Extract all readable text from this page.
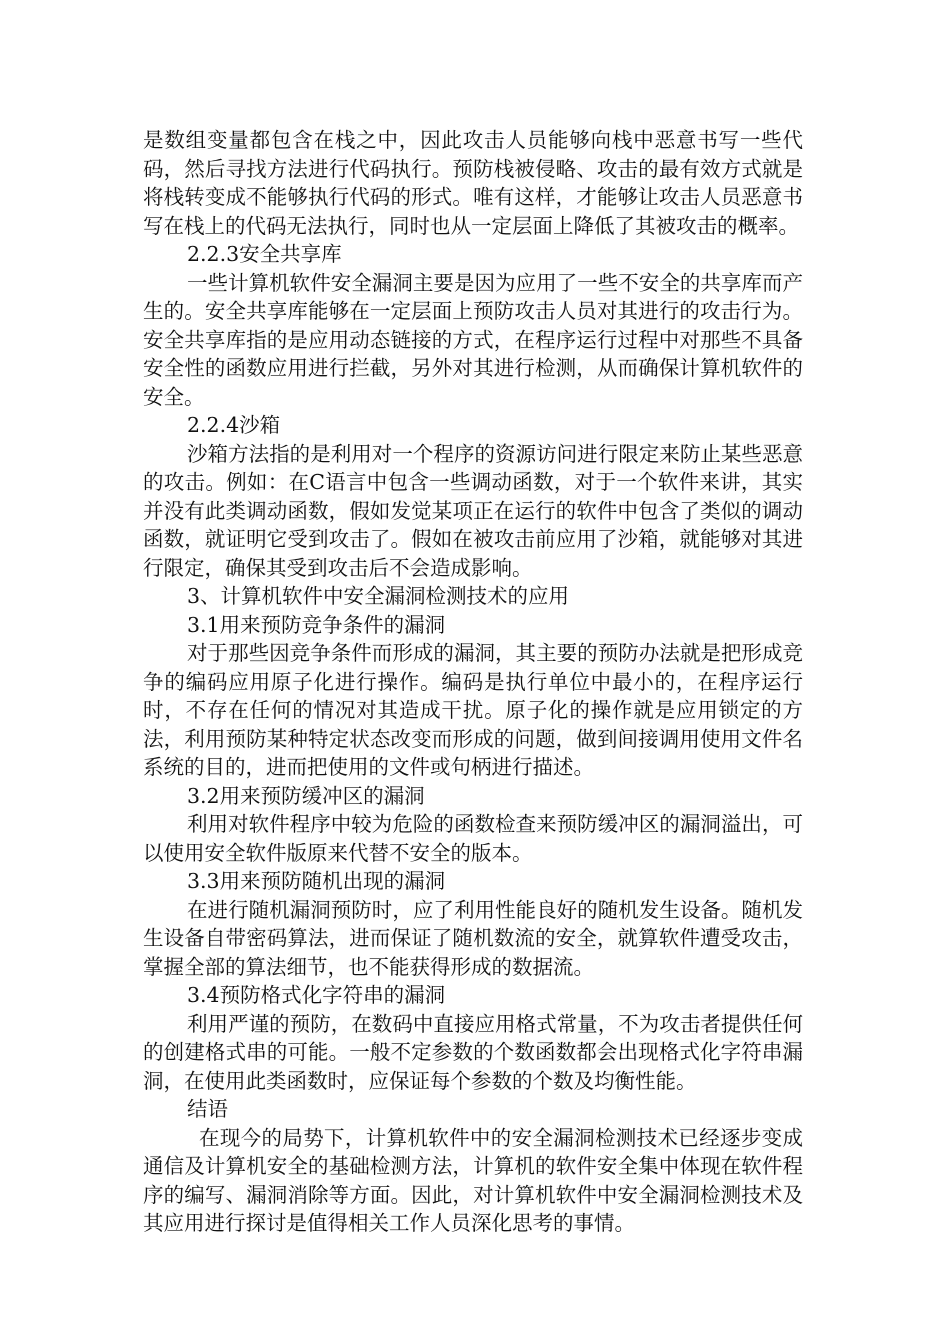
是数组变量都包含在栈之中，因此攻击人员能够向栈中恶意书写一些代码，然后寻找方法进行代码执行。预防栈被侵略、攻击的最有效方式就是将栈转变成不能够执行代码的形式。唯有这样，才能够让攻击人员恶意书写在栈上的代码无法执行，同时也从一定层面上降低了其被攻击的概率。

2.2.3安全共享库

一些计算机软件安全漏洞主要是因为应用了一些不安全的共享库而产生的。安全共享库能够在一定层面上预防攻击人员对其进行的攻击行为。安全共享库指的是应用动态链接的方式，在程序运行过程中对那些不具备安全性的函数应用进行拦截，另外对其进行检测，从而确保计算机软件的安全。

2.2.4沙箱

沙箱方法指的是利用对一个程序的资源访问进行限定来防止某些恶意的攻击。例如：在C语言中包含一些调动函数，对于一个软件来讲，其实并没有此类调动函数，假如发觉某项正在运行的软件中包含了类似的调动函数，就证明它受到攻击了。假如在被攻击前应用了沙箱，就能够对其进行限定，确保其受到攻击后不会造成影响。

3、计算机软件中安全漏洞检测技术的应用

3.1用来预防竞争条件的漏洞

对于那些因竞争条件而形成的漏洞，其主要的预防办法就是把形成竞争的编码应用原子化进行操作。编码是执行单位中最小的，在程序运行时，不存在任何的情况对其造成干扰。原子化的操作就是应用锁定的方法，利用预防某种特定状态改变而形成的问题，做到间接调用使用文件名系统的目的，进而把使用的文件或句柄进行描述。

3.2用来预防缓冲区的漏洞

利用对软件程序中较为危险的函数检查来预防缓冲区的漏洞溢出，可以使用安全软件版原来代替不安全的版本。

3.3用来预防随机出现的漏洞

在进行随机漏洞预防时，应了利用性能良好的随机发生设备。随机发生设备自带密码算法，进而保证了随机数流的安全，就算软件遭受攻击，掌握全部的算法细节，也不能获得形成的数据流。

3.4预防格式化字符串的漏洞

利用严谨的预防，在数码中直接应用格式常量，不为攻击者提供任何的创建格式串的可能。一般不定参数的个数函数都会出现格式化字符串漏洞，在使用此类函数时，应保证每个参数的个数及均衡性能。

结语

在现今的局势下，计算机软件中的安全漏洞检测技术已经逐步变成通信及计算机安全的基础检测方法，计算机的软件安全集中体现在软件程序的编写、漏洞消除等方面。因此，对计算机软件中安全漏洞检测技术及其应用进行探讨是值得相关工作人员深化思考的事情。
